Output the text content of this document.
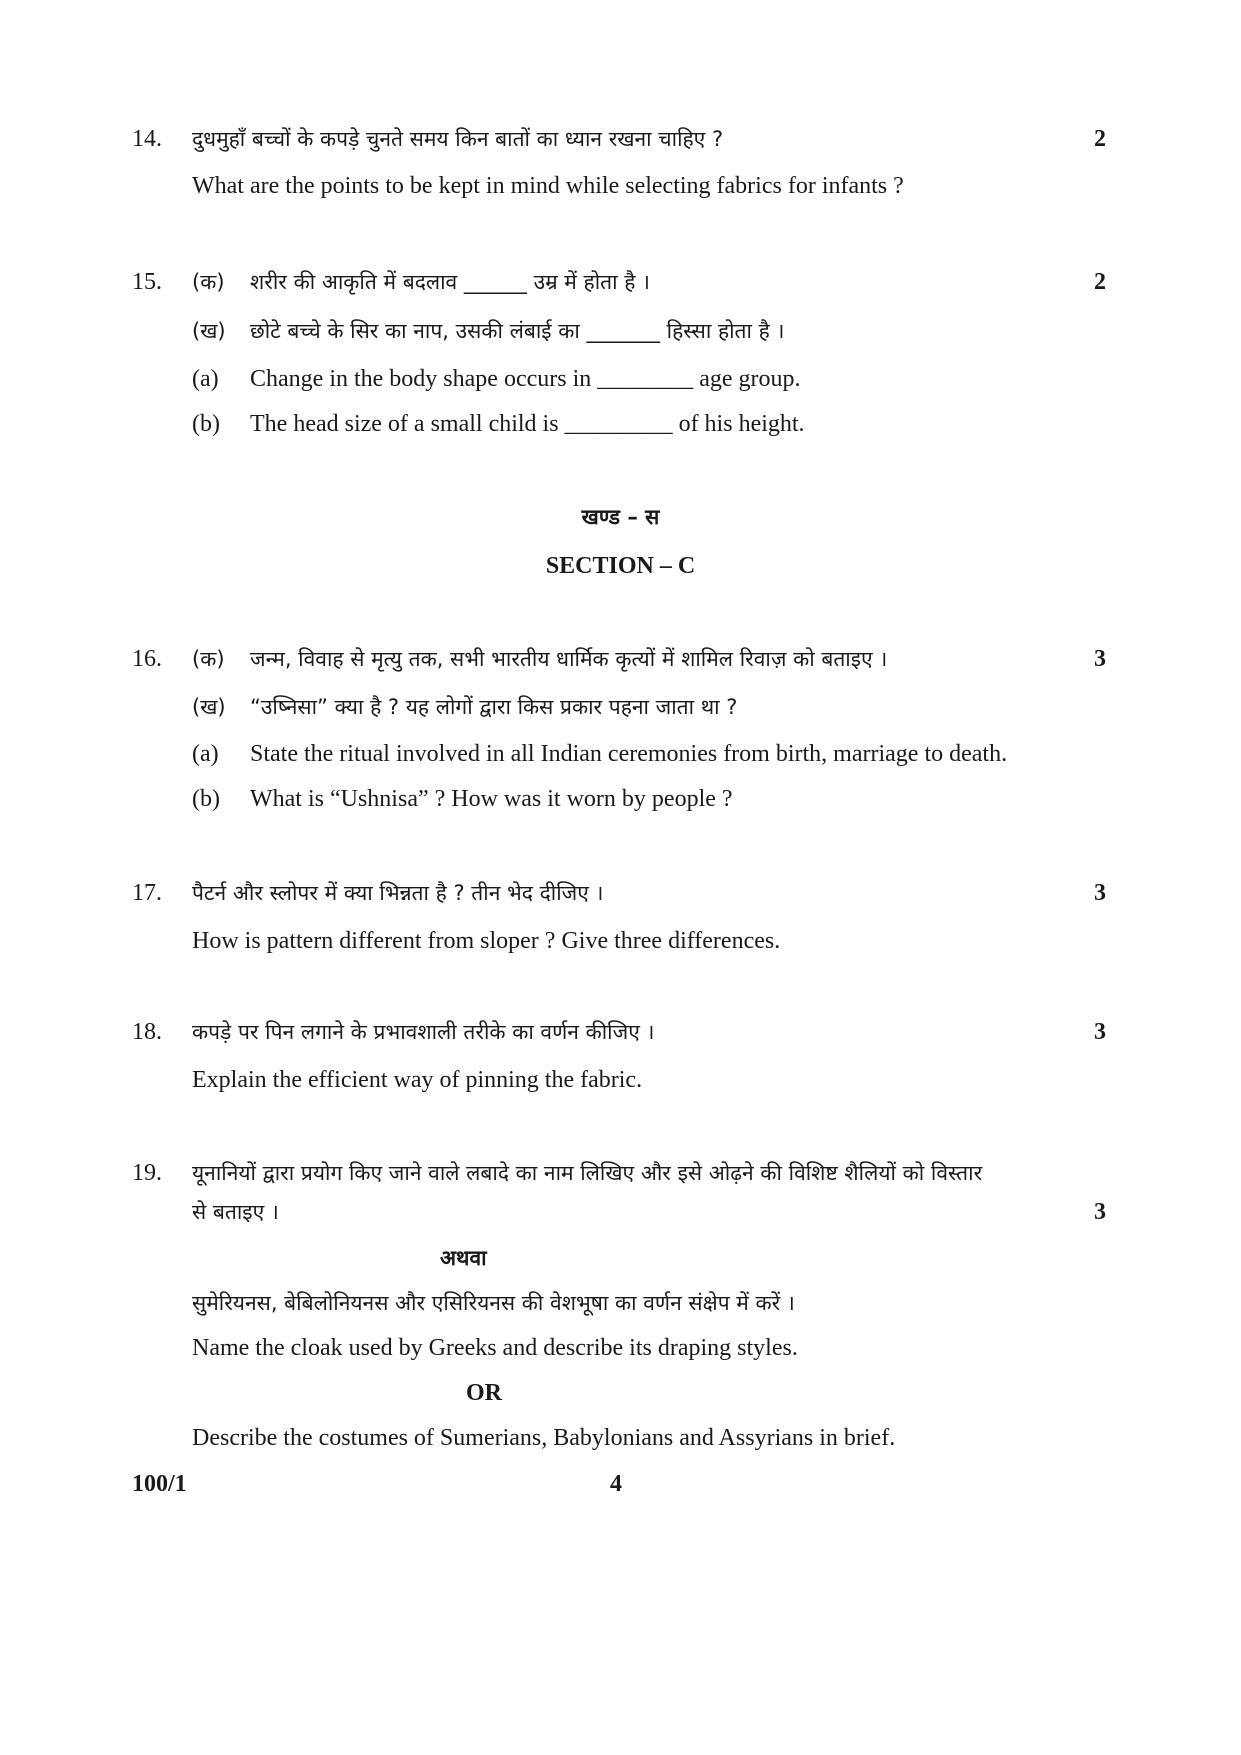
14. दुधमुहाँ बच्चों के कपड़े चुनते समय किन बातों का ध्यान रखना चाहिए ?	2
What are the points to be kept in mind while selecting fabrics for infants ?
15. (क) शरीर की आकृति में बदलाव ______ उम्र में होता है ।	2
(ख) छोटे बच्चे के सिर का नाप, उसकी लंबाई का _______ हिस्सा होता है ।
(a) Change in the body shape occurs in ________ age group.
(b) The head size of a small child is _________ of his height.
खण्ड – स
SECTION – C
16. (क) जन्म, विवाह से मृत्यु तक, सभी भारतीय धार्मिक कृत्यों में शामिल रिवाज़ को बताइए ।	3
(ख) “उष्निसा” क्या है ? यह लोगों द्वारा किस प्रकार पहना जाता था ?
(a) State the ritual involved in all Indian ceremonies from birth, marriage to death.
(b) What is “Ushnisa” ? How was it worn by people ?
17. पैटर्न और स्लोपर में क्या भिन्नता है ? तीन भेद दीजिए ।	3
How is pattern different from sloper ? Give three differences.
18. कपड़े पर पिन लगाने के प्रभावशाली तरीके का वर्णन कीजिए ।	3
Explain the efficient way of pinning the fabric.
19. यूनानियों द्वारा प्रयोग किए जाने वाले लबादे का नाम लिखिए और इसे ओढ़ने की विशिष्ट शैलियों को विस्तार
से बताइए ।	3
अथवा
सुमेरियनस, बेबिलोनियनस और एसिरियनस की वेशभूषा का वर्णन संक्षेप में करें ।
Name the cloak used by Greeks and describe its draping styles.
OR
Describe the costumes of Sumerians, Babylonians and Assyrians in brief.
100/1	4
